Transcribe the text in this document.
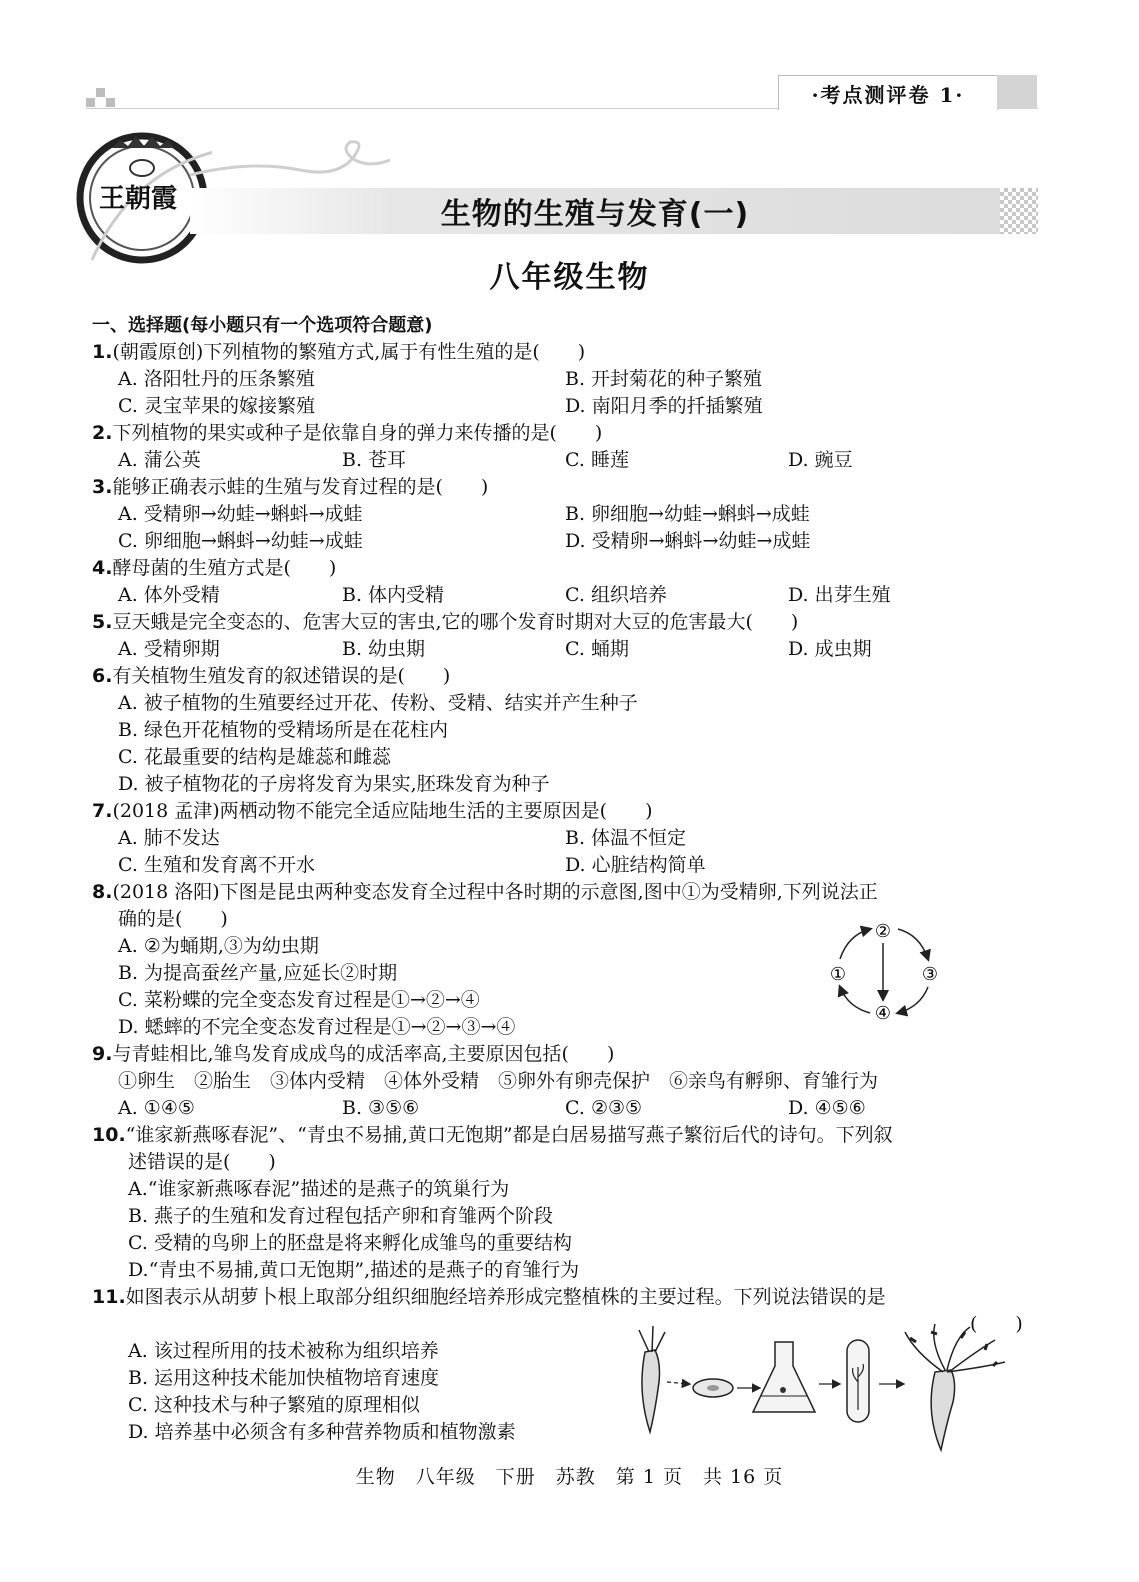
·考点测评卷 1·
王朝霞	生物的生殖与发育(一)
八年级生物
一、选择题(每小题只有一个选项符合题意)
1.(朝霞原创)下列植物的繁殖方式,属于有性生殖的是(　　)
A. 洛阳牡丹的压条繁殖	B. 开封菊花的种子繁殖
C. 灵宝苹果的嫁接繁殖	D. 南阳月季的扦插繁殖
2.下列植物的果实或种子是依靠自身的弹力来传播的是(　　)
A. 蒲公英	B. 苍耳	C. 睡莲	D. 豌豆
3.能够正确表示蛙的生殖与发育过程的是(　　)
A. 受精卵→幼蛙→蝌蚪→成蛙	B. 卵细胞→幼蛙→蝌蚪→成蛙
C. 卵细胞→蝌蚪→幼蛙→成蛙	D. 受精卵→蝌蚪→幼蛙→成蛙
4.酵母菌的生殖方式是(　　)
A. 体外受精	B. 体内受精	C. 组织培养	D. 出芽生殖
5.豆天蛾是完全变态的、危害大豆的害虫,它的哪个发育时期对大豆的危害最大(　　)
A. 受精卵期	B. 幼虫期	C. 蛹期	D. 成虫期
6.有关植物生殖发育的叙述错误的是(　　)
A. 被子植物的生殖要经过开花、传粉、受精、结实并产生种子
B. 绿色开花植物的受精场所是在花柱内
C. 花最重要的结构是雄蕊和雌蕊
D. 被子植物花的子房将发育为果实,胚珠发育为种子
7.(2018 孟津)两栖动物不能完全适应陆地生活的主要原因是(　　)
A. 肺不发达	B. 体温不恒定
C. 生殖和发育离不开水	D. 心脏结构简单
8.(2018 洛阳)下图是昆虫两种变态发育全过程中各时期的示意图,图中①为受精卵,下列说法正
确的是(　　)
A. ②为蛹期,③为幼虫期
B. 为提高蚕丝产量,应延长②时期
C. 菜粉蝶的完全变态发育过程是①→②→④
D. 蟋蟀的不完全变态发育过程是①→②→③→④
9.与青蛙相比,雏鸟发育成成鸟的成活率高,主要原因包括(　　)
①卵生　②胎生　③体内受精　④体外受精　⑤卵外有卵壳保护　⑥亲鸟有孵卵、育雏行为
A. ①④⑤	B. ③⑤⑥	C. ②③⑤	D. ④⑤⑥
10.“谁家新燕啄春泥”、“青虫不易捕,黄口无饱期”都是白居易描写燕子繁衍后代的诗句。下列叙
述错误的是(　　)
A.“谁家新燕啄春泥”描述的是燕子的筑巢行为
B. 燕子的生殖和发育过程包括产卵和育雏两个阶段
C. 受精的鸟卵上的胚盘是将来孵化成雏鸟的重要结构
D.“青虫不易捕,黄口无饱期”,描述的是燕子的育雏行为
11.如图表示从胡萝卜根上取部分组织细胞经培养形成完整植株的主要过程。下列说法错误的是
(　　)
A. 该过程所用的技术被称为组织培养
B. 运用这种技术能加快植物培育速度
C. 这种技术与种子繁殖的原理相似
D. 培养基中必须含有多种营养物质和植物激素
②
①	③
④
生物　八年级　下册　苏教　第 1 页　共 16 页
